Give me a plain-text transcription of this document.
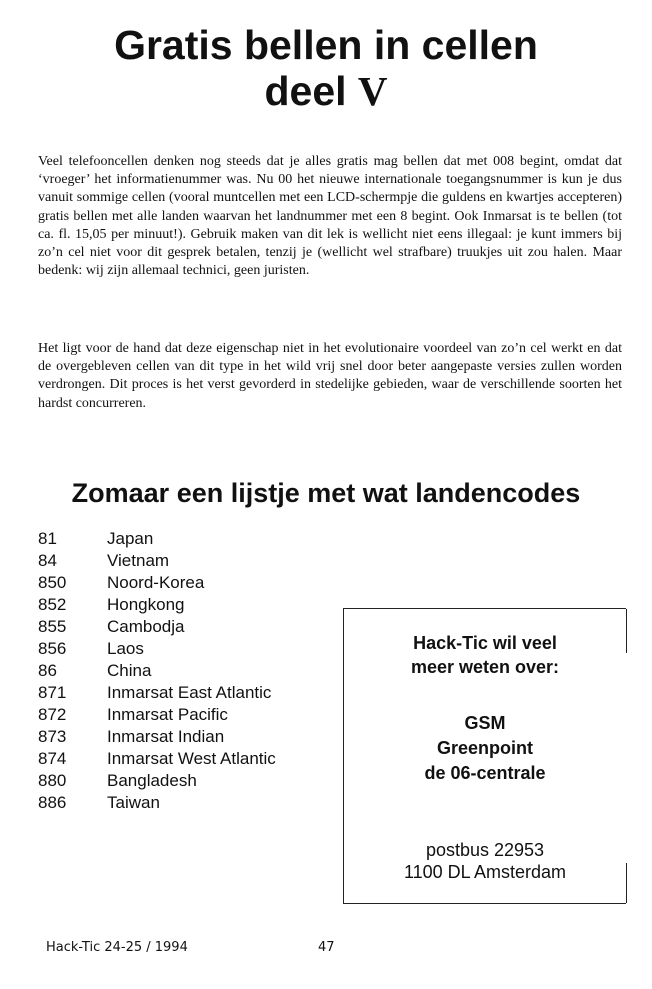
Gratis bellen in cellen
deel V

Veel telefooncellen denken nog steeds dat je alles gratis mag bellen dat met 008 begint, omdat dat ‘vroeger’ het informatienummer was. Nu 00 het nieuwe internationale toegangsnummer is kun je dus vanuit sommige cellen (vooral muntcellen met een LCD-schermpje die guldens en kwartjes accepteren) gratis bellen met alle landen waarvan het landnummer met een 8 begint. Ook Inmarsat is te bellen (tot ca. fl. 15,05 per minuut!). Gebruik maken van dit lek is wellicht niet eens illegaal: je kunt immers bij zo’n cel niet voor dit gesprek betalen, tenzij je (wellicht wel strafbare) truukjes uit zou halen. Maar bedenk: wij zijn allemaal technici, geen juristen.

Het ligt voor de hand dat deze eigenschap niet in het evolutionaire voordeel van zo’n cel werkt en dat de overgebleven cellen van dit type in het wild vrij snel door beter aangepaste versies zullen worden verdrongen. Dit proces is het verst gevorderd in stedelijke gebieden, waar de verschillende soorten het hardst concurreren.

Zomaar een lijstje met wat landencodes
81	Japan
84	Vietnam
850 Noord-Korea
852 Hongkong
855 Cambodja
856 Laos
86	China
871 Inmarsat East Atlantic
872 Inmarsat Pacific
873 Inmarsat Indian
874 Inmarsat West Atlantic
880 Bangladesh
886 Taiwan
Hack-Tic wil veel
meer weten over:
GSM
Greenpoint
de 06-centrale
postbus 22953
1100 DL Amsterdam
Hack-Tic 24-25 / 1994	47
